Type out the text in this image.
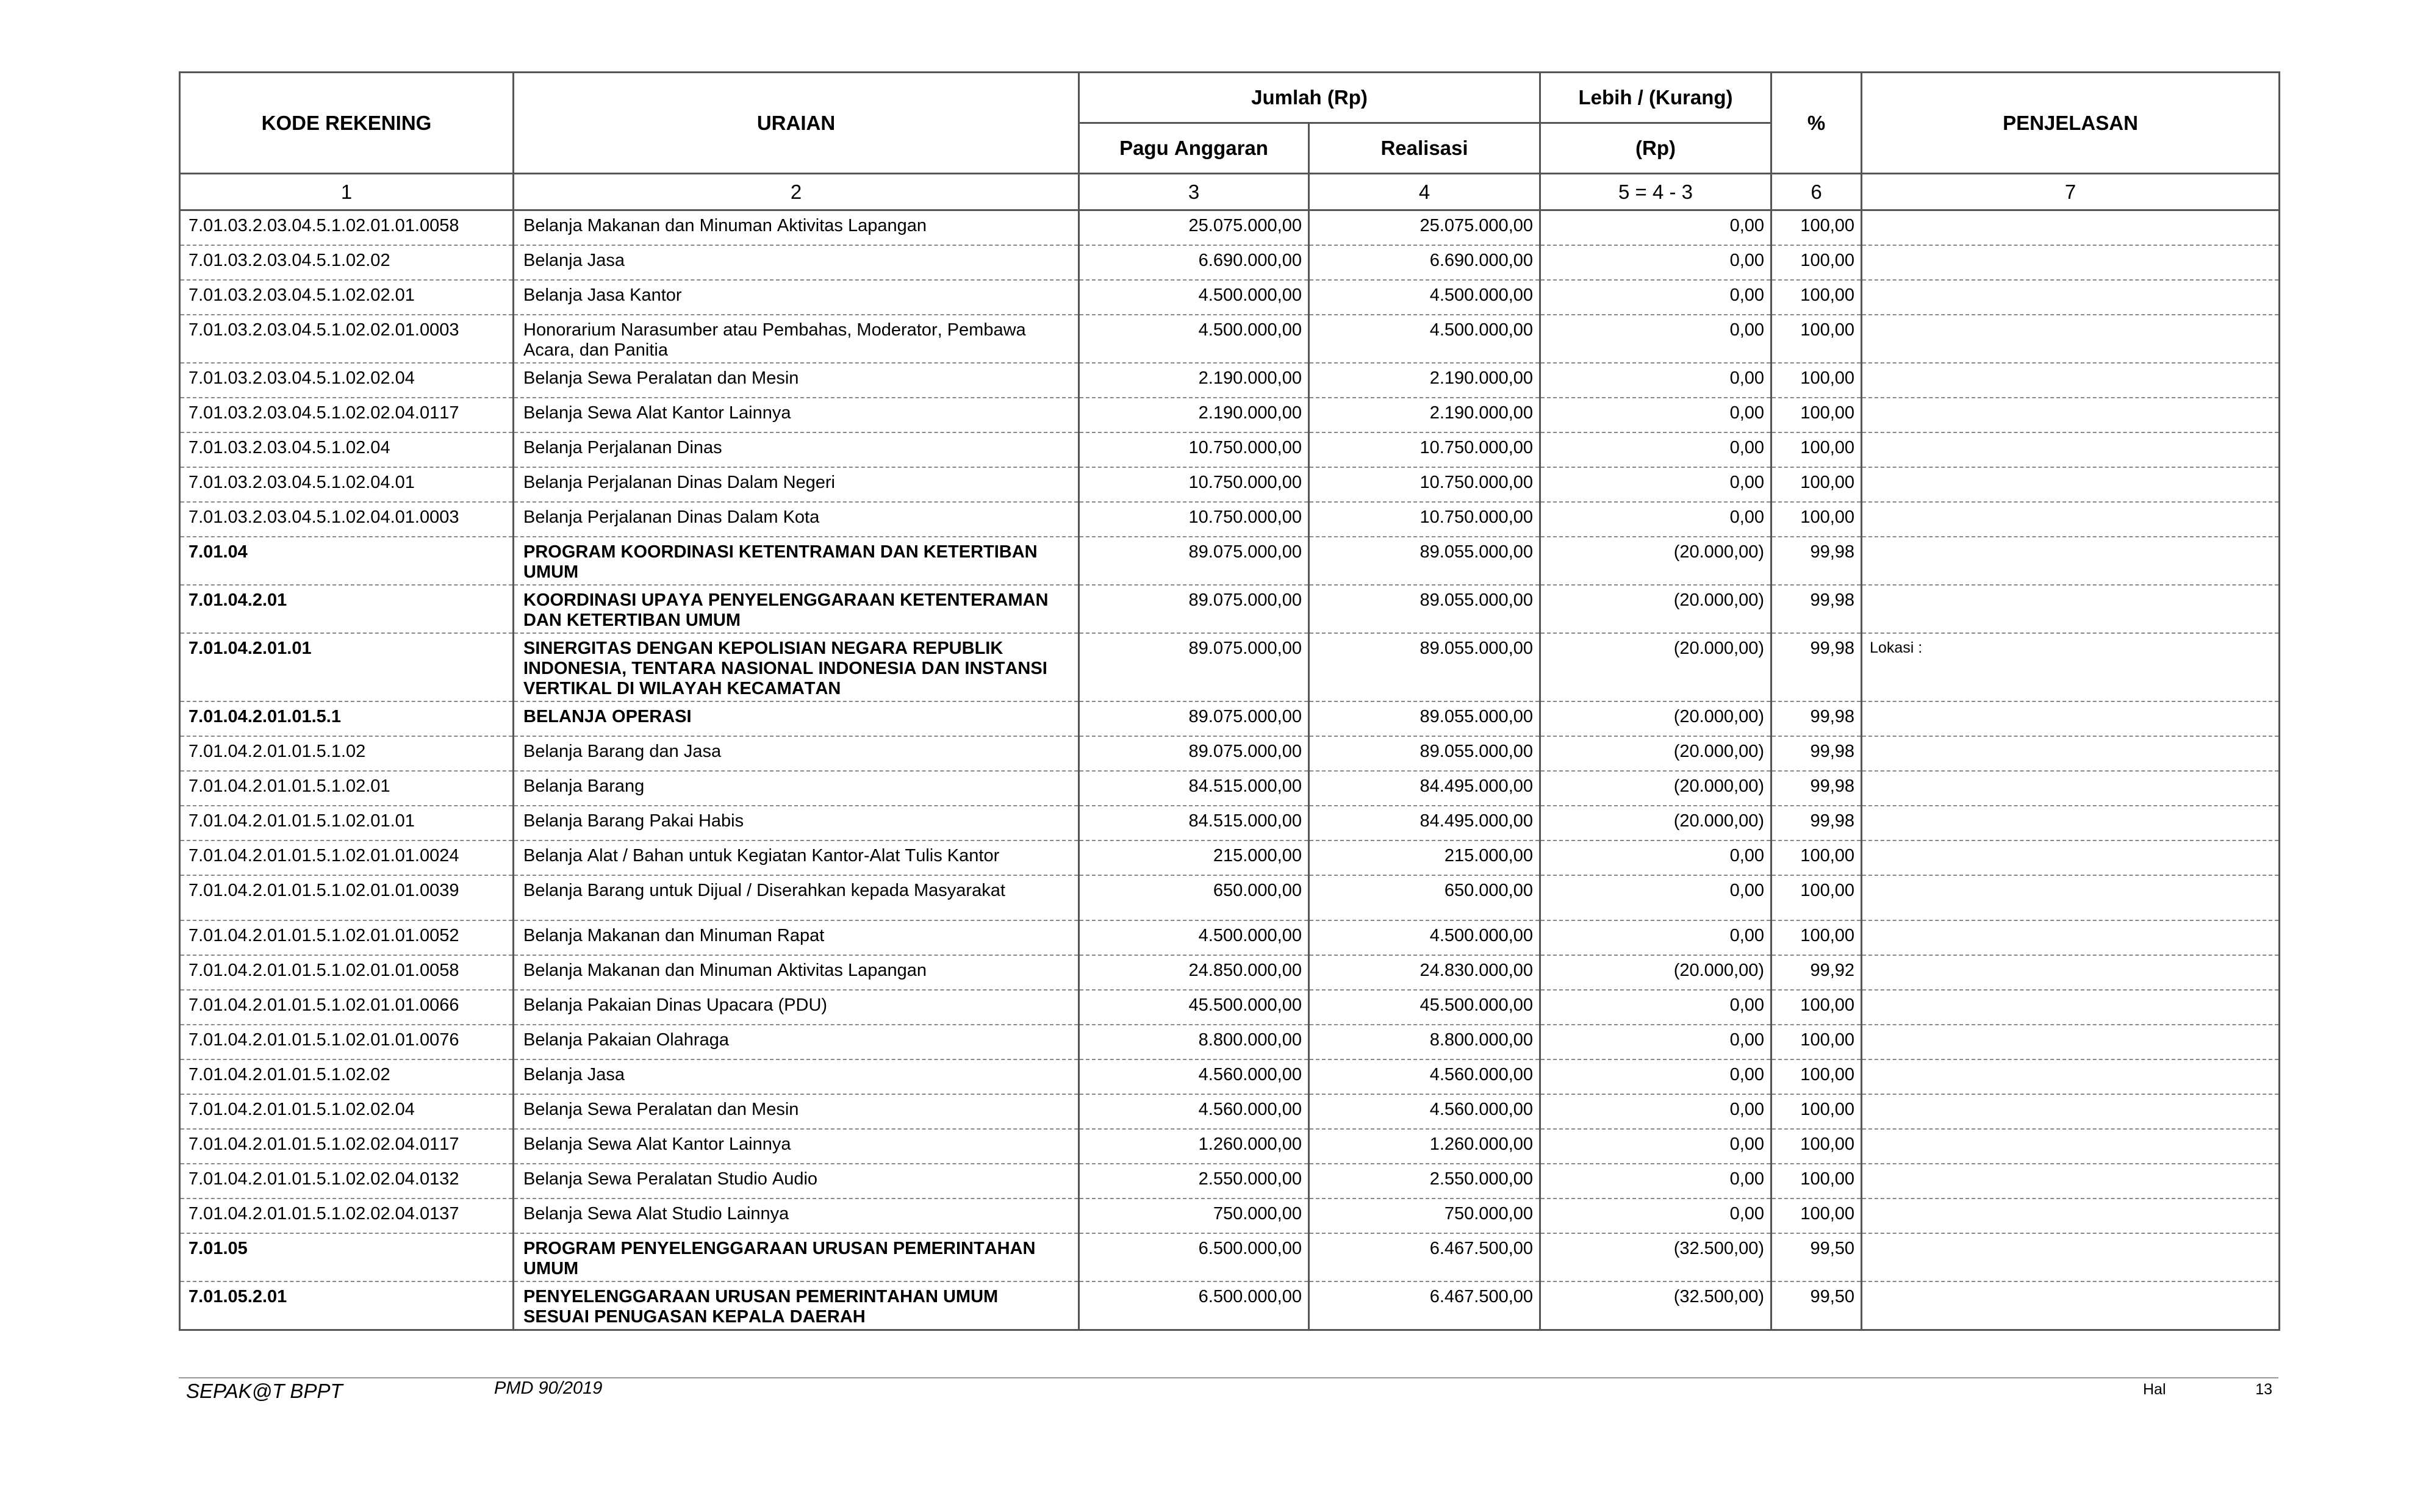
KODE REKENING	URAIAN	Jumlah (Rp)		Lebih / (Kurang)	%	PENJELASAN
		Pagu Anggaran	Realisasi	(Rp)		
1	2	3	4	5 = 4 - 3	6	7
7.01.03.2.03.04.5.1.02.01.01.0058	Belanja Makanan dan Minuman Aktivitas Lapangan	25.075.000,00	25.075.000,00	0,00	100,00	
7.01.03.2.03.04.5.1.02.02	Belanja Jasa	6.690.000,00	6.690.000,00	0,00	100,00	
7.01.03.2.03.04.5.1.02.02.01	Belanja Jasa Kantor	4.500.000,00	4.500.000,00	0,00	100,00	
7.01.03.2.03.04.5.1.02.02.01.0003	Honorarium Narasumber atau Pembahas, Moderator, Pembawa Acara, dan Panitia	4.500.000,00	4.500.000,00	0,00	100,00	
7.01.03.2.03.04.5.1.02.02.04	Belanja Sewa Peralatan dan Mesin	2.190.000,00	2.190.000,00	0,00	100,00	
7.01.03.2.03.04.5.1.02.02.04.0117	Belanja Sewa Alat Kantor Lainnya	2.190.000,00	2.190.000,00	0,00	100,00	
7.01.03.2.03.04.5.1.02.04	Belanja Perjalanan Dinas	10.750.000,00	10.750.000,00	0,00	100,00	
7.01.03.2.03.04.5.1.02.04.01	Belanja Perjalanan Dinas Dalam Negeri	10.750.000,00	10.750.000,00	0,00	100,00	
7.01.03.2.03.04.5.1.02.04.01.0003	Belanja Perjalanan Dinas Dalam Kota	10.750.000,00	10.750.000,00	0,00	100,00	
7.01.04	PROGRAM KOORDINASI KETENTRAMAN DAN KETERTIBAN UMUM	89.075.000,00	89.055.000,00	(20.000,00)	99,98	
7.01.04.2.01	KOORDINASI UPAYA PENYELENGGARAAN KETENTERAMAN DAN KETERTIBAN UMUM	89.075.000,00	89.055.000,00	(20.000,00)	99,98	
7.01.04.2.01.01	SINERGITAS DENGAN KEPOLISIAN NEGARA REPUBLIK INDONESIA, TENTARA NASIONAL INDONESIA DAN INSTANSI VERTIKAL DI WILAYAH KECAMATAN	89.075.000,00	89.055.000,00	(20.000,00)	99,98	Lokasi :
7.01.04.2.01.01.5.1	BELANJA OPERASI	89.075.000,00	89.055.000,00	(20.000,00)	99,98	
7.01.04.2.01.01.5.1.02	Belanja Barang dan Jasa	89.075.000,00	89.055.000,00	(20.000,00)	99,98	
7.01.04.2.01.01.5.1.02.01	Belanja Barang	84.515.000,00	84.495.000,00	(20.000,00)	99,98	
7.01.04.2.01.01.5.1.02.01.01	Belanja Barang Pakai Habis	84.515.000,00	84.495.000,00	(20.000,00)	99,98	
7.01.04.2.01.01.5.1.02.01.01.0024	Belanja Alat / Bahan untuk Kegiatan Kantor-Alat Tulis Kantor	215.000,00	215.000,00	0,00	100,00	
7.01.04.2.01.01.5.1.02.01.01.0039	Belanja Barang untuk Dijual / Diserahkan kepada Masyarakat	650.000,00	650.000,00	0,00	100,00	
7.01.04.2.01.01.5.1.02.01.01.0052	Belanja Makanan dan Minuman Rapat	4.500.000,00	4.500.000,00	0,00	100,00	
7.01.04.2.01.01.5.1.02.01.01.0058	Belanja Makanan dan Minuman Aktivitas Lapangan	24.850.000,00	24.830.000,00	(20.000,00)	99,92	
7.01.04.2.01.01.5.1.02.01.01.0066	Belanja Pakaian Dinas Upacara (PDU)	45.500.000,00	45.500.000,00	0,00	100,00	
7.01.04.2.01.01.5.1.02.01.01.0076	Belanja Pakaian Olahraga	8.800.000,00	8.800.000,00	0,00	100,00	
7.01.04.2.01.01.5.1.02.02	Belanja Jasa	4.560.000,00	4.560.000,00	0,00	100,00	
7.01.04.2.01.01.5.1.02.02.04	Belanja Sewa Peralatan dan Mesin	4.560.000,00	4.560.000,00	0,00	100,00	
7.01.04.2.01.01.5.1.02.02.04.0117	Belanja Sewa Alat Kantor Lainnya	1.260.000,00	1.260.000,00	0,00	100,00	
7.01.04.2.01.01.5.1.02.02.04.0132	Belanja Sewa Peralatan Studio Audio	2.550.000,00	2.550.000,00	0,00	100,00	
7.01.04.2.01.01.5.1.02.02.04.0137	Belanja Sewa Alat Studio Lainnya	750.000,00	750.000,00	0,00	100,00	
7.01.05	PROGRAM PENYELENGGARAAN URUSAN PEMERINTAHAN UMUM	6.500.000,00	6.467.500,00	(32.500,00)	99,50	
7.01.05.2.01	PENYELENGGARAAN URUSAN PEMERINTAHAN UMUM SESUAI PENUGASAN KEPALA DAERAH	6.500.000,00	6.467.500,00	(32.500,00)	99,50	
SEPAK@T BPPT	PMD 90/2019	Hal	13
